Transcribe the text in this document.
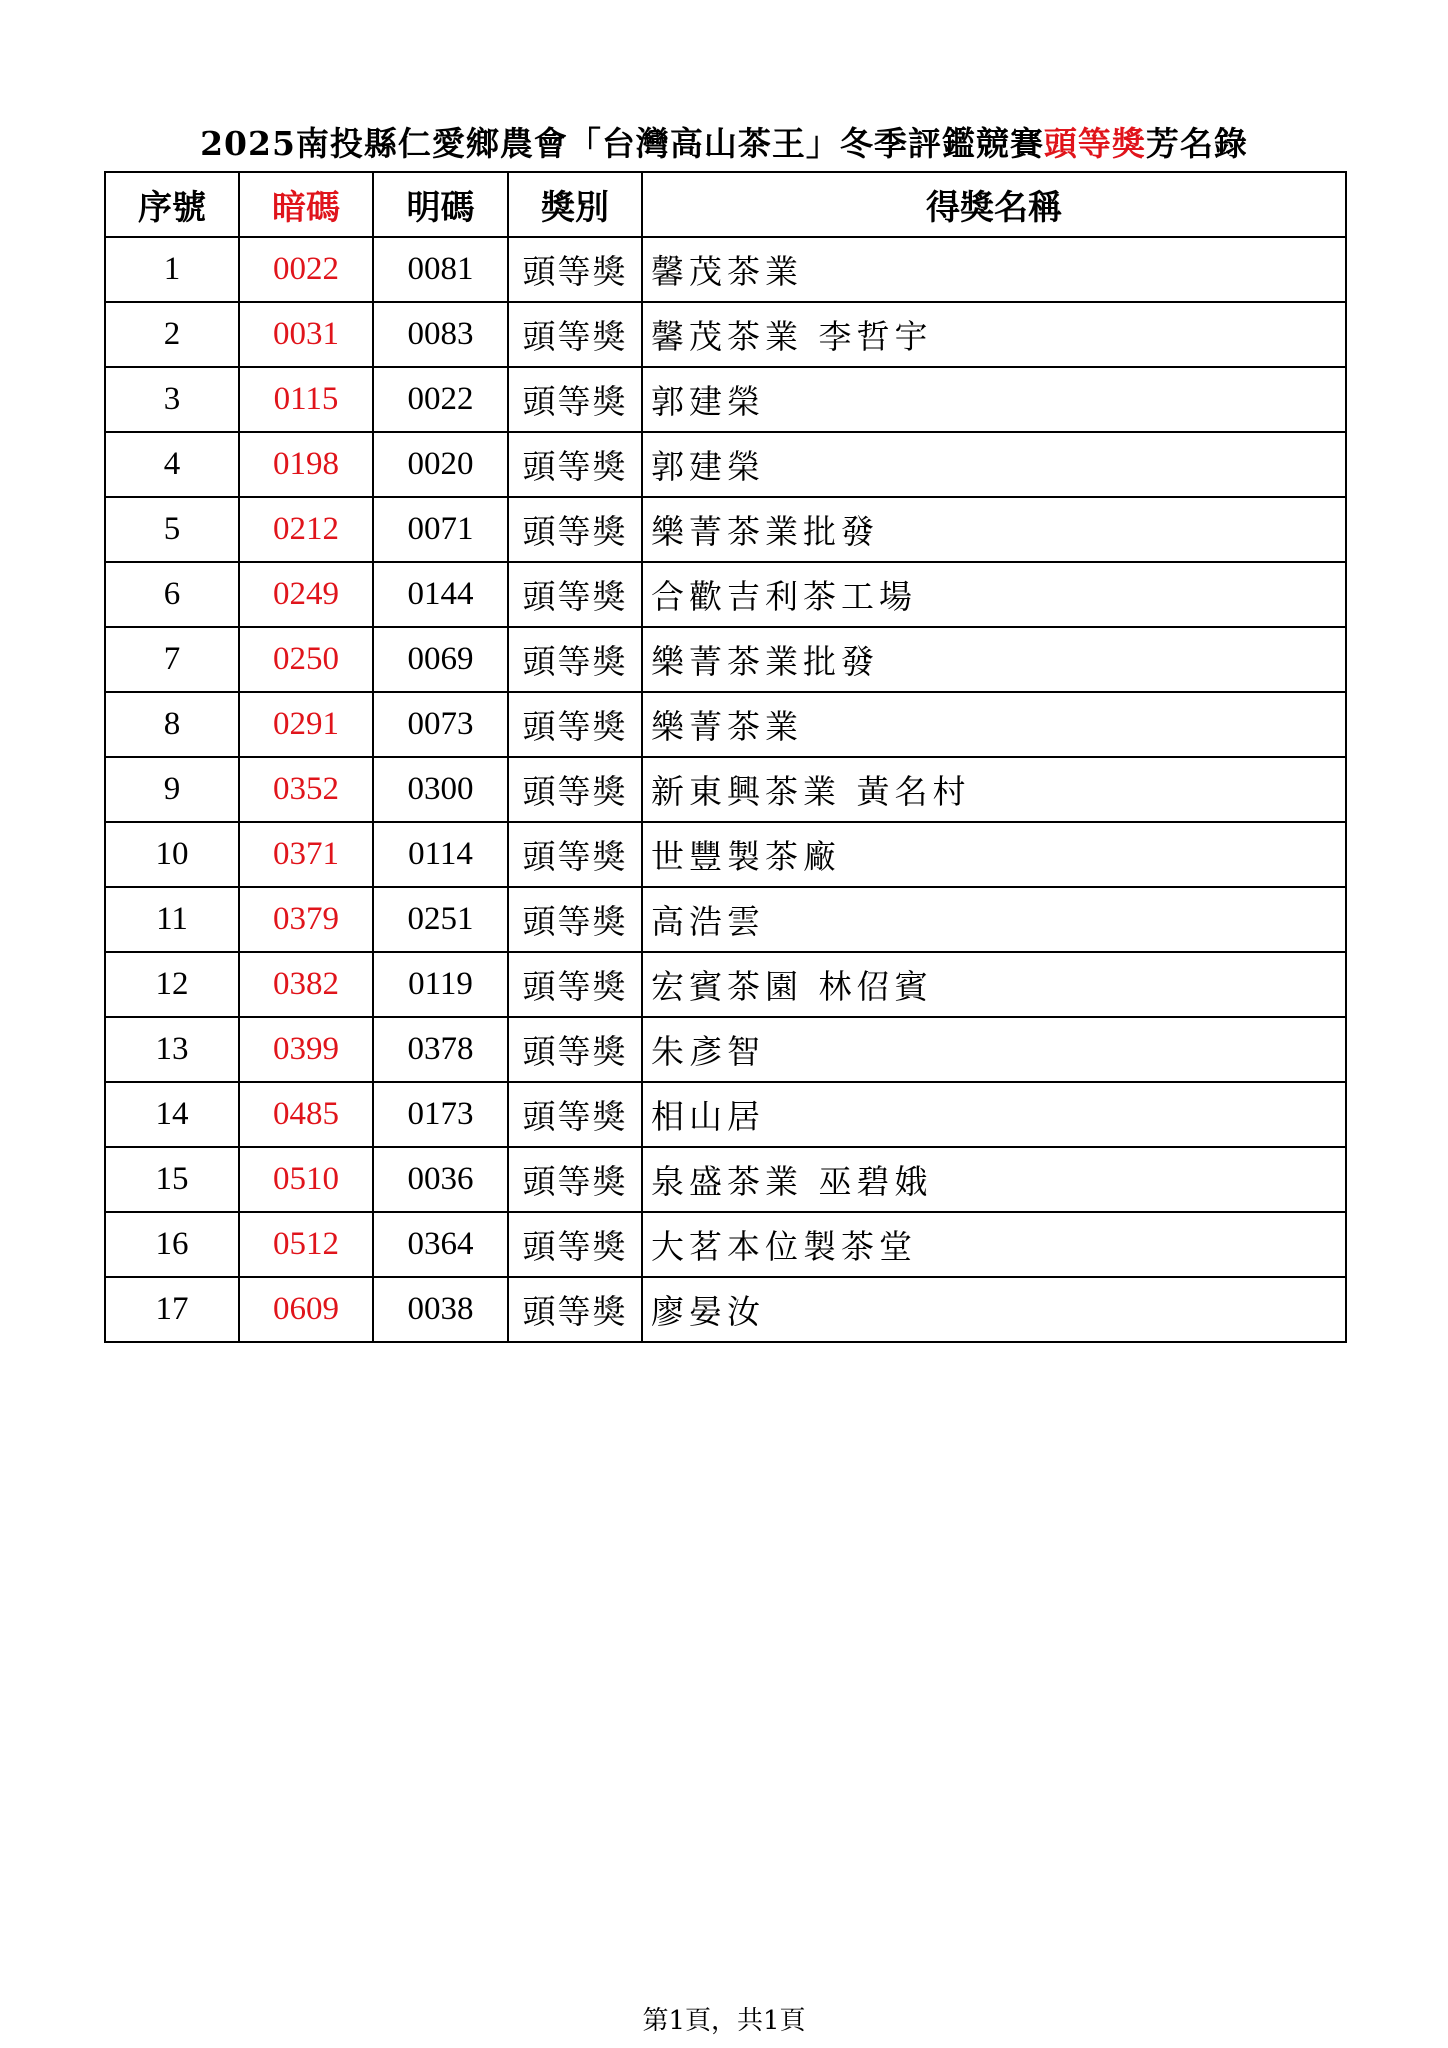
2025南投縣仁愛鄉農會「台灣高山茶王」冬季評鑑競賽頭等獎芳名錄
序號	暗碼	明碼	獎別	得獎名稱
1	0022	0081	頭等獎	馨茂茶業
2	0031	0083	頭等獎	馨茂茶業 李哲宇
3	0115	0022	頭等獎	郭建榮
4	0198	0020	頭等獎	郭建榮
5	0212	0071	頭等獎	樂菁茶業批發
6	0249	0144	頭等獎	合歡吉利茶工場
7	0250	0069	頭等獎	樂菁茶業批發
8	0291	0073	頭等獎	樂菁茶業
9	0352	0300	頭等獎	新東興茶業 黃名村
10	0371	0114	頭等獎	世豐製茶廠
11	0379	0251	頭等獎	高浩雲
12	0382	0119	頭等獎	宏賓茶園 林佋賓
13	0399	0378	頭等獎	朱彥智
14	0485	0173	頭等獎	相山居
15	0510	0036	頭等獎	泉盛茶業 巫碧娥
16	0512	0364	頭等獎	大茗本位製茶堂
17	0609	0038	頭等獎	廖晏汝
第1頁，共1頁
